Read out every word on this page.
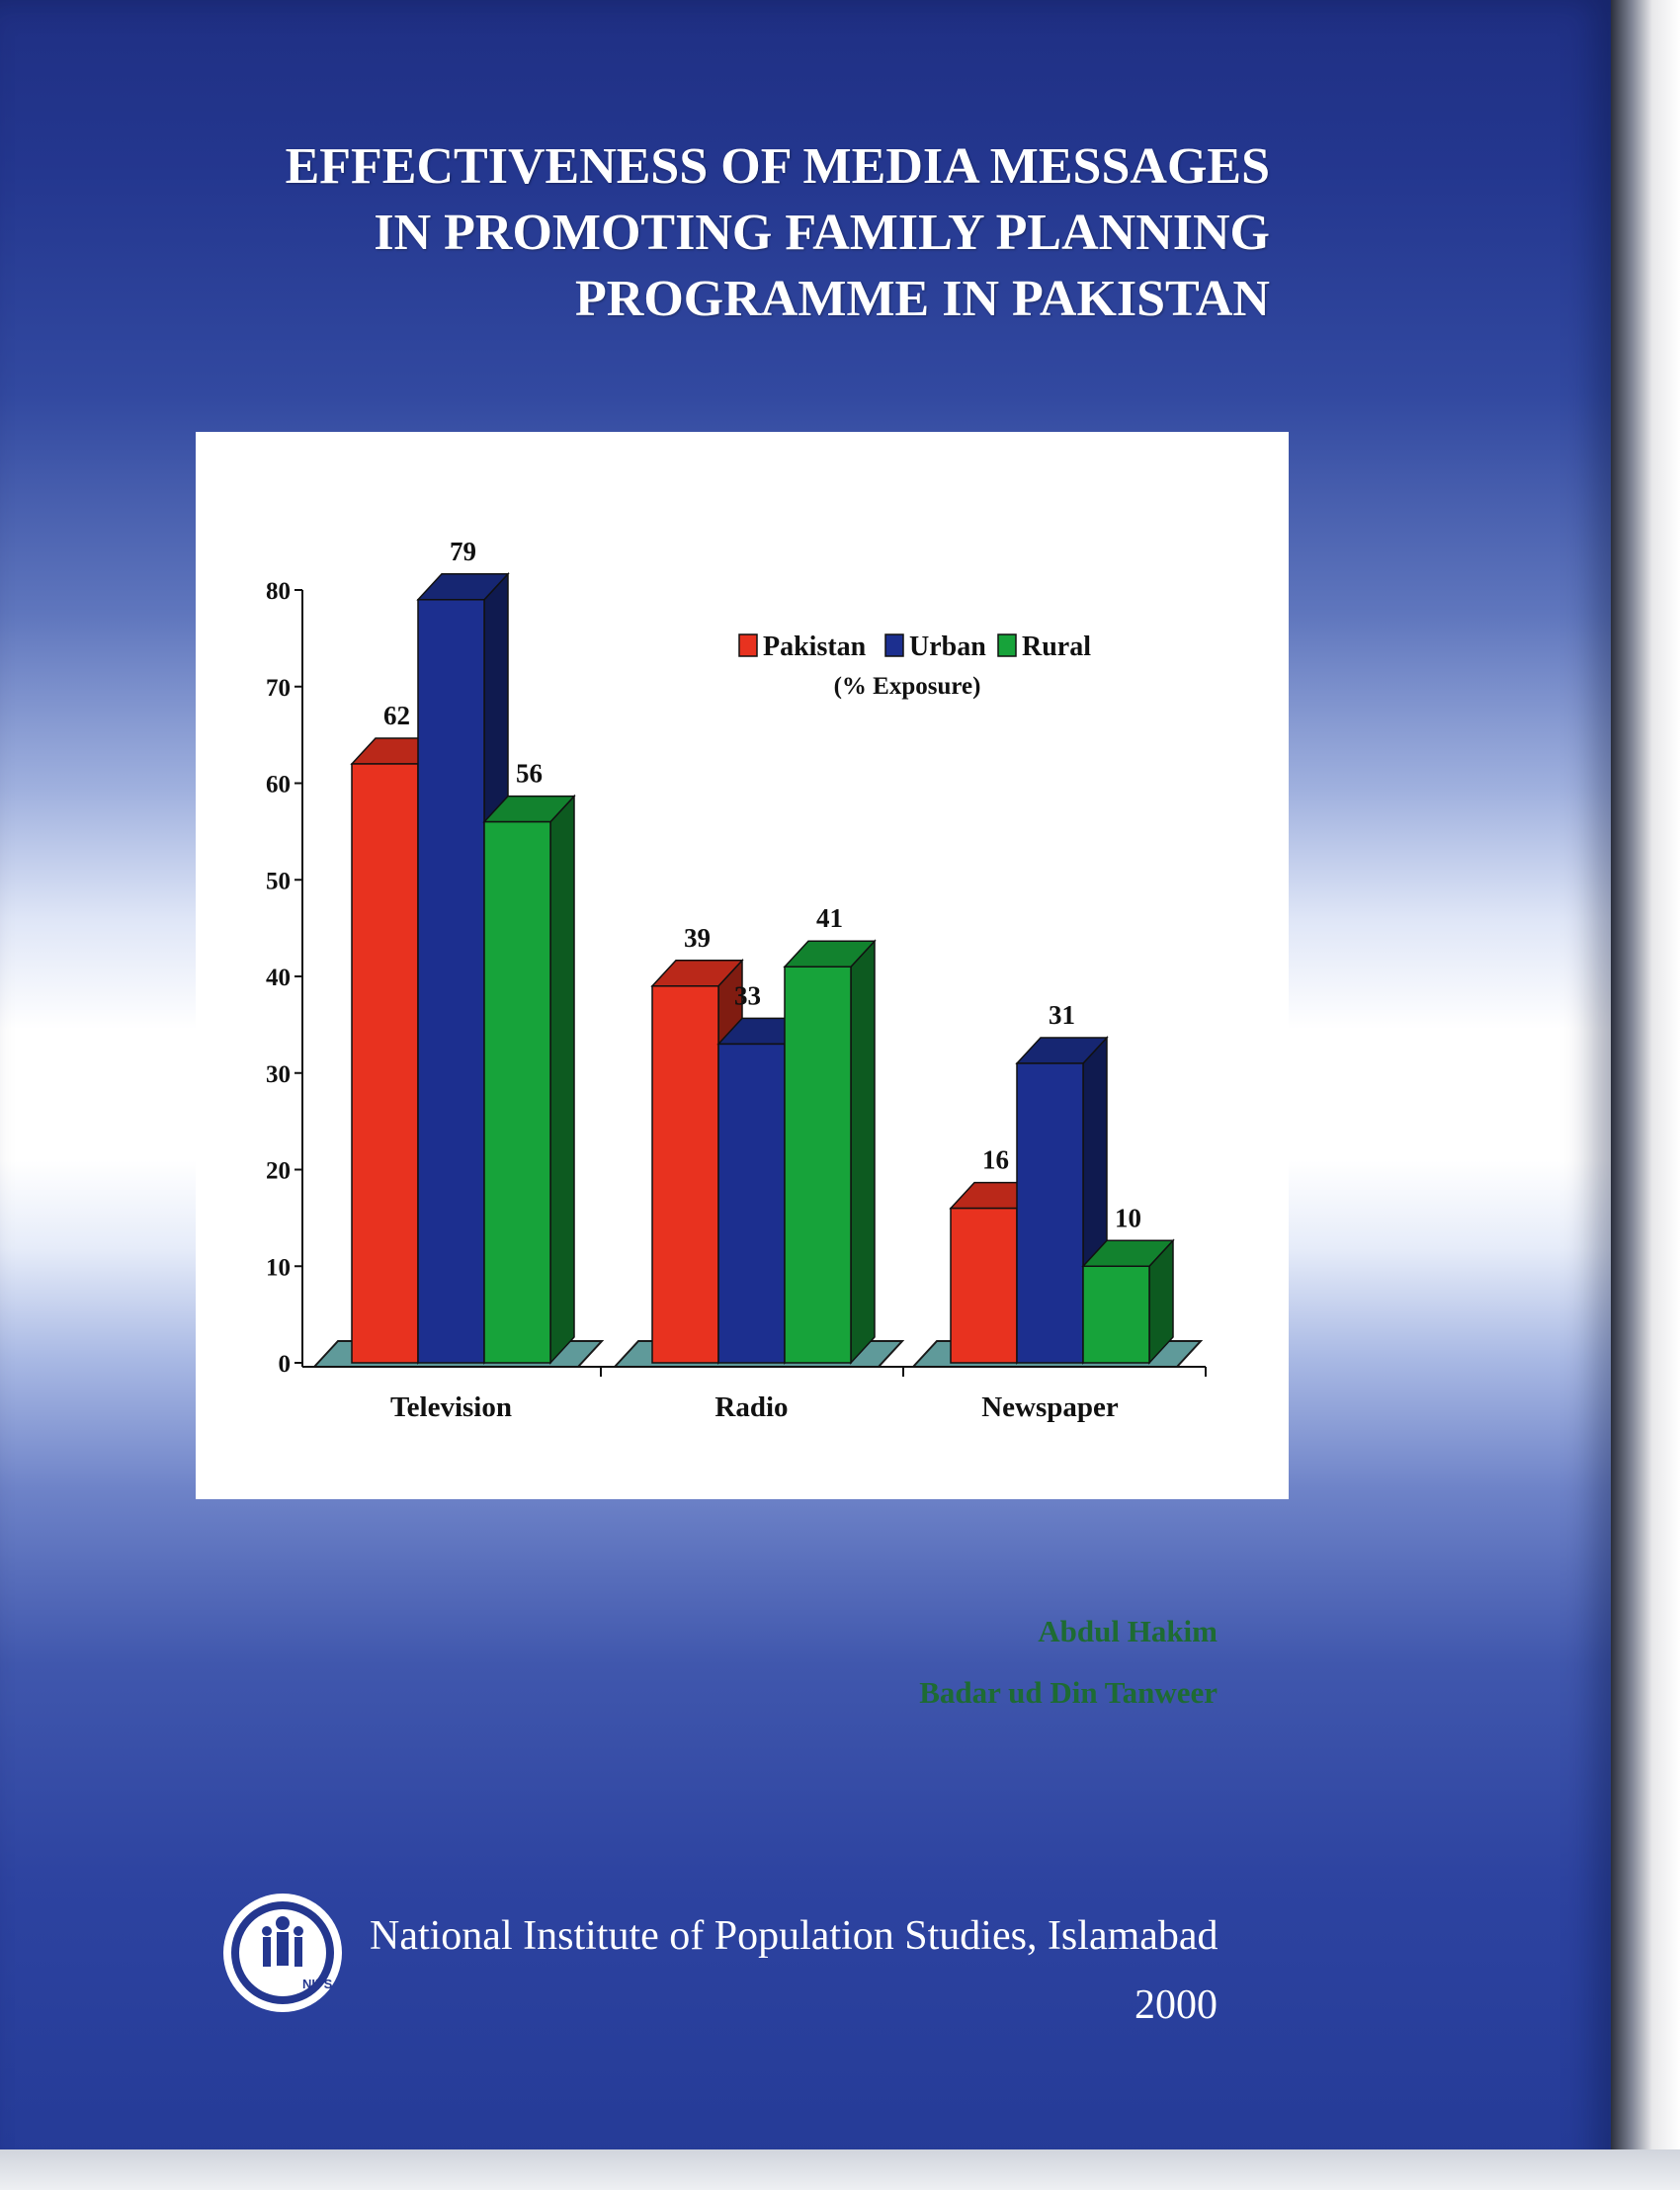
EFFECTIVENESS OF MEDIA MESSAGES
IN PROMOTING FAMILY PLANNING
PROGRAMME IN PAKISTAN
0
10
20
30
40
50
60
70
80
62
79
56
Television
39
33
41
Radio
16
31
10
Newspaper
Pakistan Urban Rural
(% Exposure)
Abdul Hakim
Badar ud Din Tanweer
NIPS
National Institute of Population Studies, Islamabad
2000
